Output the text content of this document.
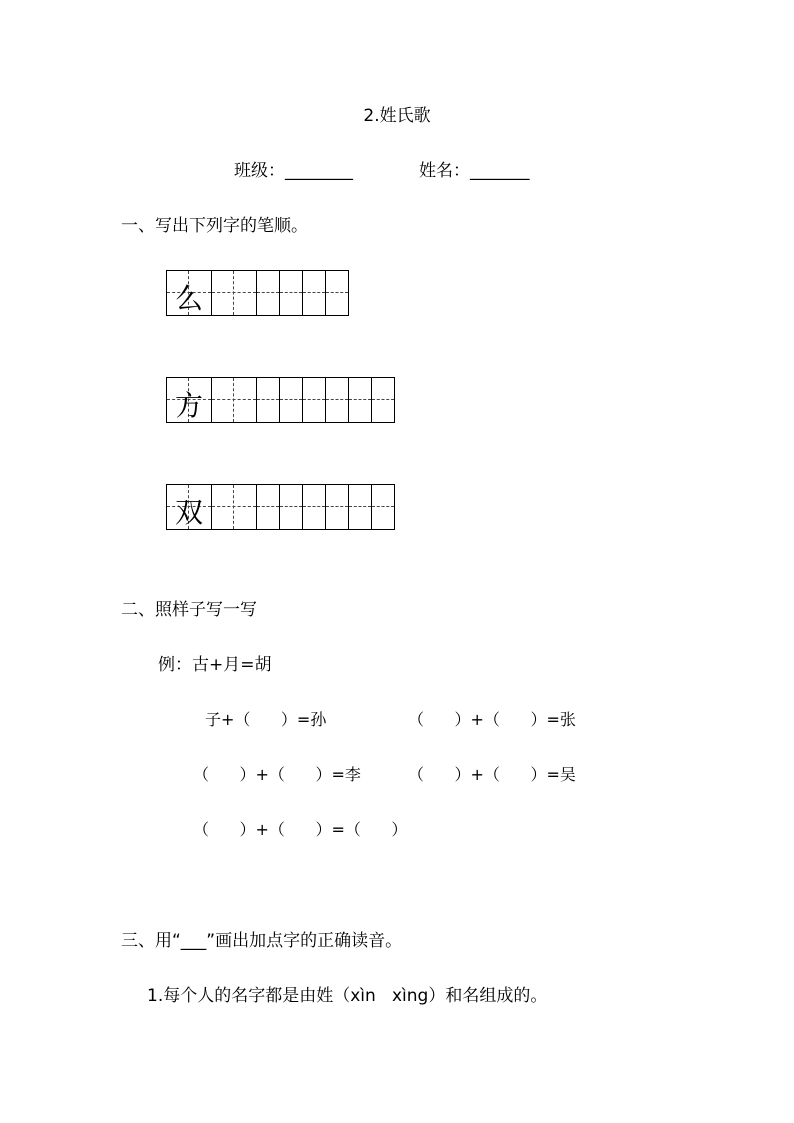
2.姓氏歌
班级：________	姓名：_______
一、写出下列字的笔顺。
么
方
双
二、照样子写一写
例：古+月=胡
子+（      ）=孙	（      ）+（      ）=张
（      ）+（      ）=李	（      ）+（      ）=吴
（      ）+（      ）=（      ）
三、用“___”画出加点字的正确读音。
1.每个人的名字都是由姓（xìn   xìng）和名组成的。
